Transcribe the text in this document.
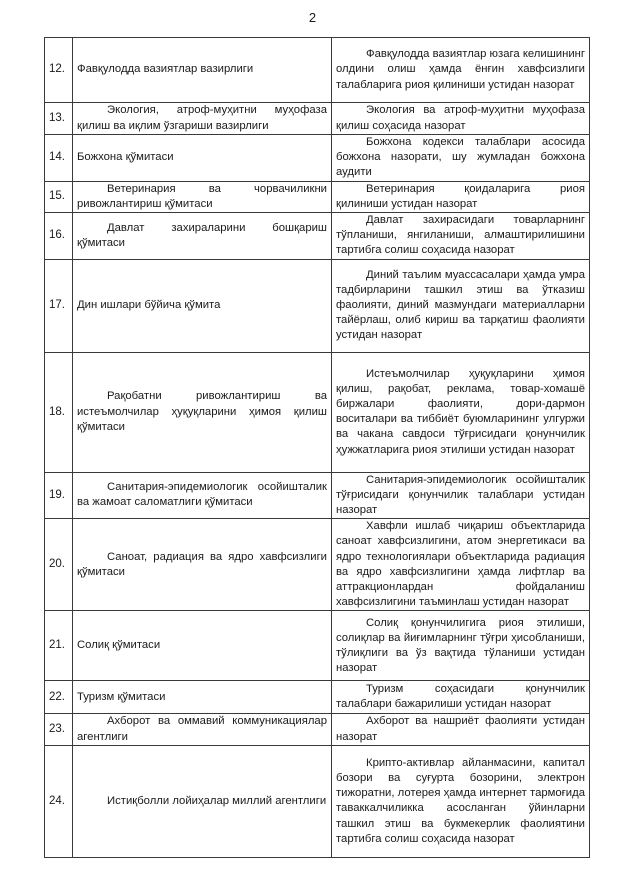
2
12.	Фавқулодда вазиятлар вазирлиги	Фавқулодда вазиятлар юзага келишининг олдини олиш ҳамда ёнғин хавфсизлиги талабларига риоя қилиниши устидан назорат
13.	Экология, атроф-муҳитни муҳофаза қилиш ва иқлим ўзгариши вазирлиги	Экология ва атроф-муҳитни муҳофаза қилиш соҳасида назорат
14.	Божхона қўмитаси	Божхона кодекси талаблари асосида божхона назорати, шу жумладан божхона аудити
15.	Ветеринария ва чорвачиликни ривожлантириш қўмитаси	Ветеринария қоидаларига риоя қилиниши устидан назорат
16.	Давлат захираларини бошқариш қўмитаси	Давлат захирасидаги товарларнинг тўпланиши, янгиланиши, алмаштирилишини тартибга солиш соҳасида назорат
17.	Дин ишлари бўйича қўмита	Диний таълим муассасалари ҳамда умра тадбирларини ташкил этиш ва ўтказиш фаолияти, диний мазмундаги материалларни тайёрлаш, олиб кириш ва тарқатиш фаолияти устидан назорат
18.	Рақобатни ривожлантириш ва истеъмолчилар ҳуқуқларини ҳимоя қилиш қўмитаси	Истеъмолчилар ҳуқуқларини ҳимоя қилиш, рақобат, реклама, товар-хомашё биржалари фаолияти, дори-дармон воситалари ва тиббиёт буюмларининг улгуржи ва чакана савдоси тўғрисидаги қонунчилик ҳужжатларига риоя этилиши устидан назорат
19.	Санитария-эпидемиологик осойишталик ва жамоат саломатлиги қўмитаси	Санитария-эпидемиологик осойишталик тўғрисидаги қонунчилик талаблари устидан назорат
20.	Саноат, радиация ва ядро хавфсизлиги қўмитаси	Хавфли ишлаб чиқариш объектларида саноат хавфсизлигини, атом энергетикаси ва ядро технологиялари объектларида радиация ва ядро хавфсизлигини ҳамда лифтлар ва аттракционлардан фойдаланиш хавфсизлигини таъминлаш устидан назорат
21.	Солиқ қўмитаси	Солиқ қонунчилигига риоя этилиши, солиқлар ва йиғимларнинг тўғри ҳисобланиши, тўлиқлиги ва ўз вақтида тўланиши устидан назорат
22.	Туризм қўмитаси	Туризм соҳасидаги қонунчилик талаблари бажарилиши устидан назорат
23.	Ахборот ва оммавий коммуникациялар агентлиги	Ахборот ва нашриёт фаолияти устидан назорат
24.	Истиқболли лойиҳалар миллий агентлиги	Крипто-активлар айланмасини, капитал бозори ва суғурта бозорини, электрон тижоратни, лотерея ҳамда интернет тармоғида таваккалчиликка асосланган ўйинларни ташкил этиш ва букмекерлик фаолиятини тартибга солиш соҳасида назорат
